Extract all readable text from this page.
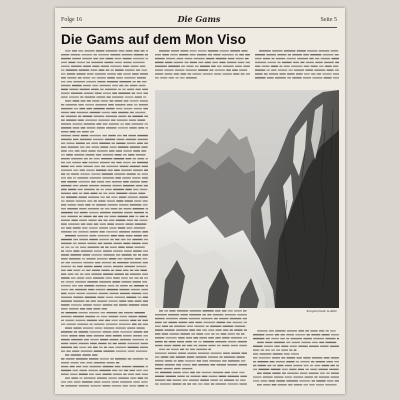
Folge 16	Die Gams	Seite 5
Die Gams auf dem Mon Viso
Kraginstriede la Ritte
